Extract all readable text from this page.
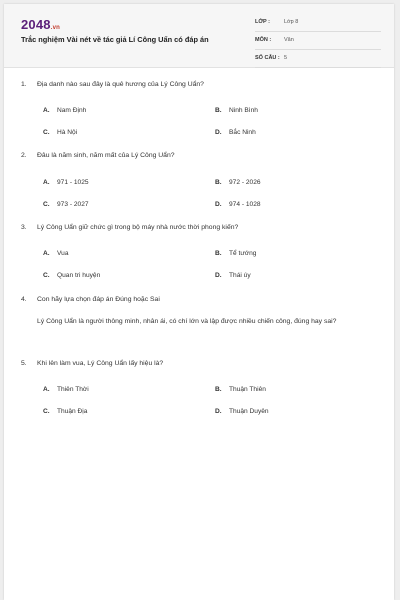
2048.vn
Trắc nghiệm Vài nét về tác giả Lí Công Uẩn có đáp án
LỚP :	Lớp 8
MÔN : Văn
SỐ CÂU : 5
1. Địa danh nào sau đây là quê hương của Lý Công Uẩn?
A. Nam Định	B. Ninh Bình
C. Hà Nội	D. Bắc Ninh
2. Đâu là năm sinh, năm mất của Lý Công Uẩn?
A. 971 - 1025	B. 972 - 2026
C. 973 - 2027	D. 974 - 1028
3. Lý Công Uẩn giữ chức gì trong bộ máy nhà nước thời phong kiến?
A. Vua	B. Tể tướng
C. Quan tri huyện	D. Thái úy
4. Con hãy lựa chọn đáp án Đúng hoặc Sai
Lý Công Uẩn là người thông minh, nhân ái, có chí lớn và lập được nhiều chiến công, đúng hay sai?
5. Khi lên làm vua, Lý Công Uẩn lấy hiệu là?
A. Thiên Thời	B. Thuận Thiên
C. Thuận Địa	D. Thuận Duyên
